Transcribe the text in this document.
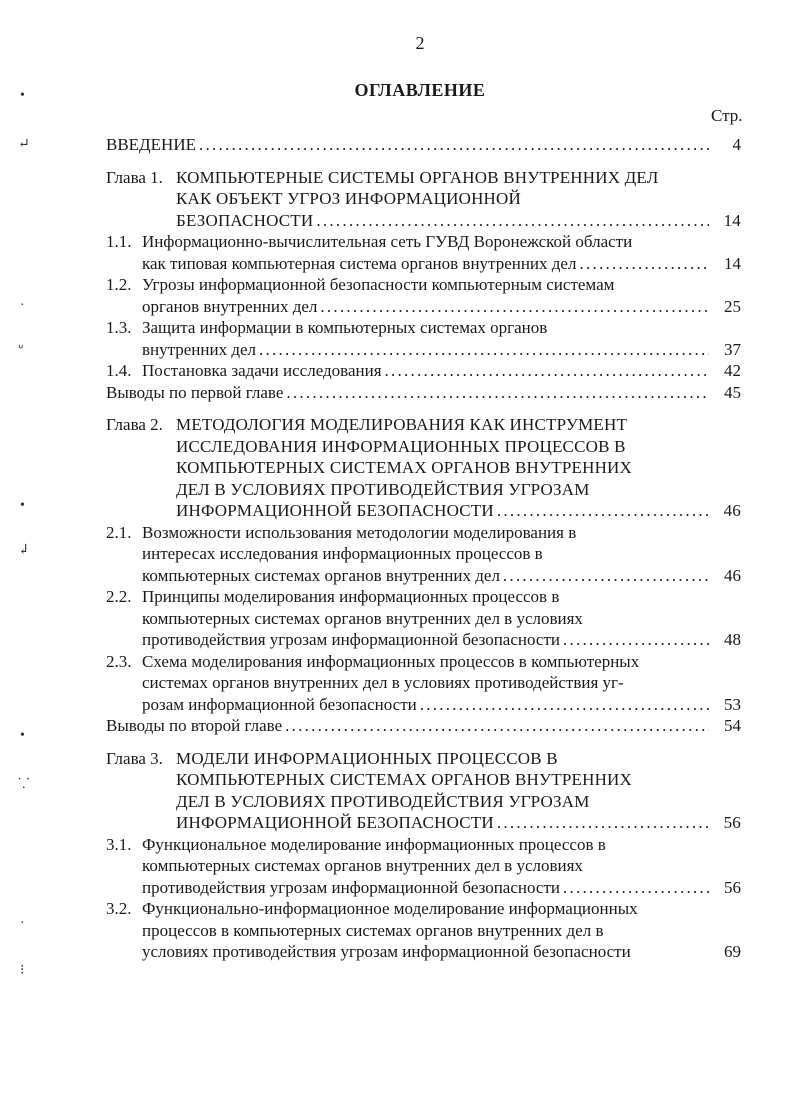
2
ОГЛАВЛЕНИЕ
Стр.
ВВЕДЕНИЕ . . .	4
Глава 1. КОМПЬЮТЕРНЫЕ СИСТЕМЫ ОРГАНОВ ВНУТРЕННИХ ДЕЛ
КАК ОБЪЕКТ УГРОЗ ИНФОРМАЦИОННОЙ
БЕЗОПАСНОСТИ . . .	14
1.1. Информационно-вычислительная сеть ГУВД Воронежской области
как типовая компьютерная система органов внутренних дел . . .	14
1.2. Угрозы информационной безопасности компьютерным системам
органов внутренних дел . . .	25
1.3. Защита информации в компьютерных системах органов
внутренних дел . . .	37
1.4. Постановка задачи исследования . . .	42
Выводы по первой главе . . .	45
Глава 2. МЕТОДОЛОГИЯ МОДЕЛИРОВАНИЯ КАК ИНСТРУМЕНТ
ИССЛЕДОВАНИЯ ИНФОРМАЦИОННЫХ ПРОЦЕССОВ В
КОМПЬЮТЕРНЫХ СИСТЕМАХ ОРГАНОВ ВНУТРЕННИХ
ДЕЛ В УСЛОВИЯХ ПРОТИВОДЕЙСТВИЯ УГРОЗАМ
ИНФОРМАЦИОННОЙ БЕЗОПАСНОСТИ . . .	46
2.1. Возможности использования методологии моделирования в
интересах исследования информационных процессов в
компьютерных системах органов внутренних дел . . .	46
2.2. Принципы моделирования информационных процессов в
компьютерных системах органов внутренних дел в условиях
противодействия угрозам информационной безопасности . . .	48
2.3. Схема моделирования информационных процессов в компьютерных
системах органов внутренних дел в условиях противодействия уг-
розам информационной безопасности . . .	53
Выводы по второй главе . . .	54
Глава 3. МОДЕЛИ ИНФОРМАЦИОННЫХ ПРОЦЕССОВ В
КОМПЬЮТЕРНЫХ СИСТЕМАХ ОРГАНОВ ВНУТРЕННИХ
ДЕЛ В УСЛОВИЯХ ПРОТИВОДЕЙСТВИЯ УГРОЗАМ
ИНФОРМАЦИОННОЙ БЕЗОПАСНОСТИ . . .	56
3.1. Функциональное моделирование информационных процессов в
компьютерных системах органов внутренних дел в условиях
противодействия угрозам информационной безопасности . . .	56
3.2. Функционально-информационное моделирование информационных
процессов в компьютерных системах органов внутренних дел в
условиях противодействия угрозам информационной безопасности	69
•
↵
·
ᐡ
•
↲
•
⸪
·
⁝
